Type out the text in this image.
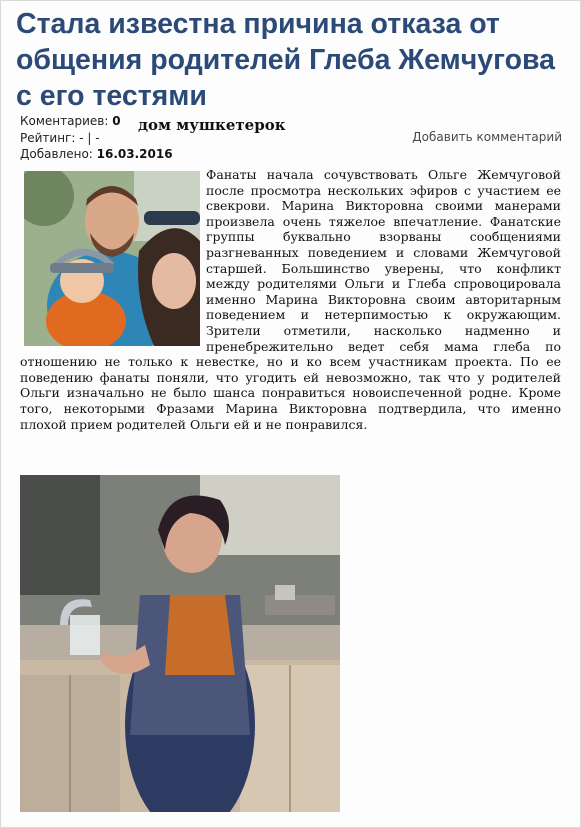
Стала известна причина отказа от общения родителей Глеба Жемчугова с его тестями
Коментариев: 0
Рейтинг: - | -
Добавлено: 16.03.2016
дом мушкетерок
Добавить комментарий
Фанаты начала сочувствовать Ольге Жемчуговой после просмотра нескольких эфиров с участием ее свекрови. Марина Викторовна своими манерами произвела очень тяжелое впечатление. Фанатские группы буквально взорваны сообщениями разгневанных поведением и словами Жемчуговой старшей. Большинство уверены, что конфликт между родителями Ольги и Глеба спровоцировала именно Марина Викторовна своим авторитарным поведением и нетерпимостью к окружающим. Зрители отметили, насколько надменно и пренебрежительно ведет себя мама глеба по отношению не только к невестке, но и ко всем участникам проекта. По ее поведению фанаты поняли, что угодить ей невозможно, так что у родителей Ольги изначально не было шанса понравиться новоиспеченной родне. Кроме того, некоторыми Фразами Марина Викторовна подтвердила, что именно плохой прием родителей Ольги ей и не понравился.
